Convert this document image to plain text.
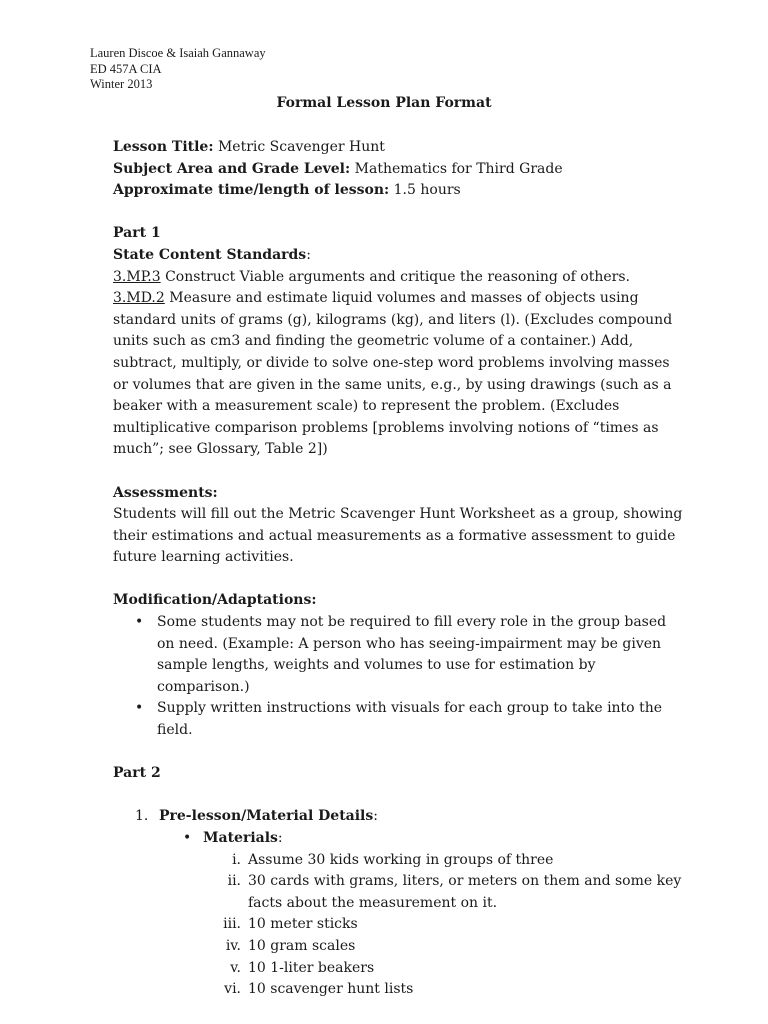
Lauren Discoe & Isaiah Gannaway
ED 457A CIA
Winter 2013
Formal Lesson Plan Format

Lesson Title: Metric Scavenger Hunt

Subject Area and Grade Level: Mathematics for Third Grade

Approximate time/length of lesson: 1.5 hours

Part 1

State Content Standards:

3.MP.3 Construct Viable arguments and critique the reasoning of others.

3.MD.2 Measure and estimate liquid volumes and masses of objects using standard units of grams (g), kilograms (kg), and liters (l). (Excludes compound units such as cm3 and finding the geometric volume of a container.) Add, subtract, multiply, or divide to solve one-step word problems involving masses or volumes that are given in the same units, e.g., by using drawings (such as a beaker with a measurement scale) to represent the problem. (Excludes multiplicative comparison problems [problems involving notions of “times as much”; see Glossary, Table 2])

Assessments:

Students will fill out the Metric Scavenger Hunt Worksheet as a group, showing their estimations and actual measurements as a formative assessment to guide future learning activities.

Modification/Adaptations:

• Some students may not be required to fill every role in the group based on need. (Example: A person who has seeing-impairment may be given sample lengths, weights and volumes to use for estimation by comparison.)
• Supply written instructions with visuals for each group to take into the field.

Part 2

1. Pre-lesson/Material Details:
• Materials:
i. Assume 30 kids working in groups of three
ii. 30 cards with grams, liters, or meters on them and some key facts about the measurement on it.
iii. 10 meter sticks
iv. 10 gram scales
v. 10 1-liter beakers
vi. 10 scavenger hunt lists
